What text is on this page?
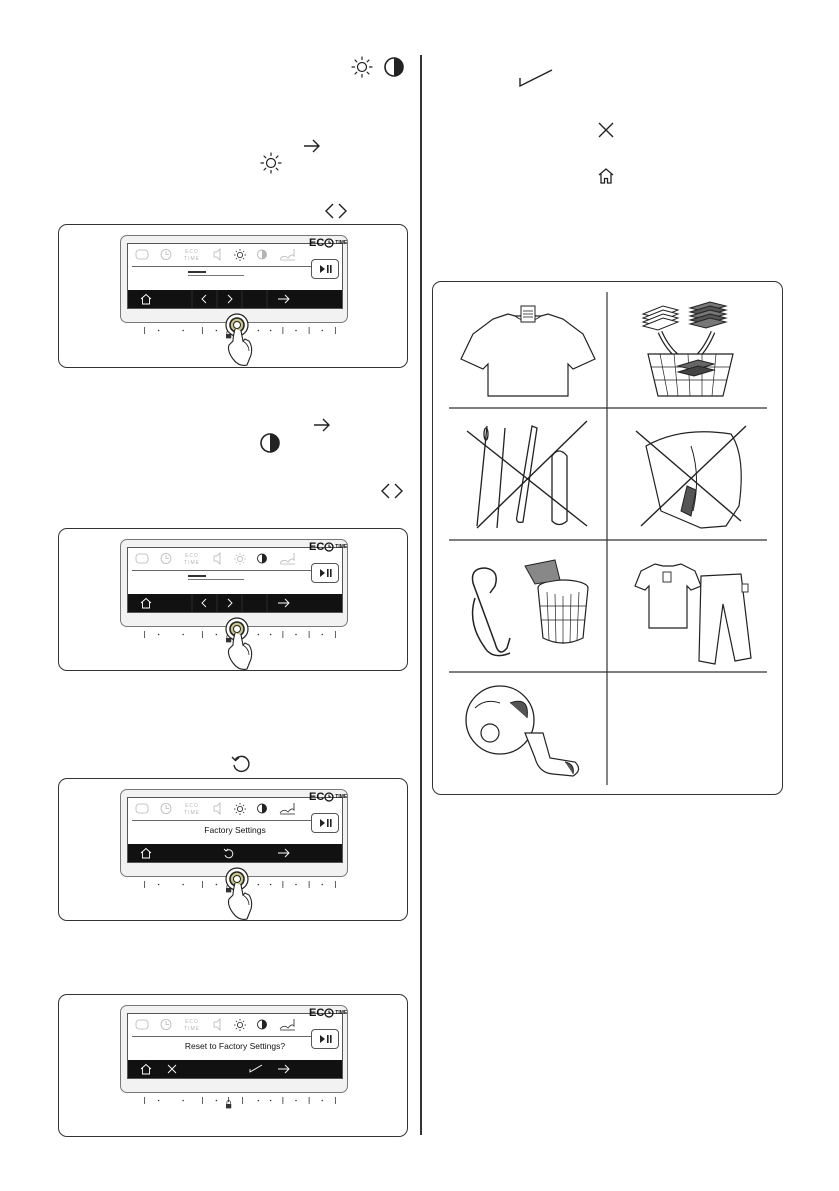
ECO
TIME
EC TIME
ECO
TIME
EC TIME
ECO
TIME
Factory Settings
EC TIME
ECO
TIME
Reset to Factory Settings?
EC TIME
